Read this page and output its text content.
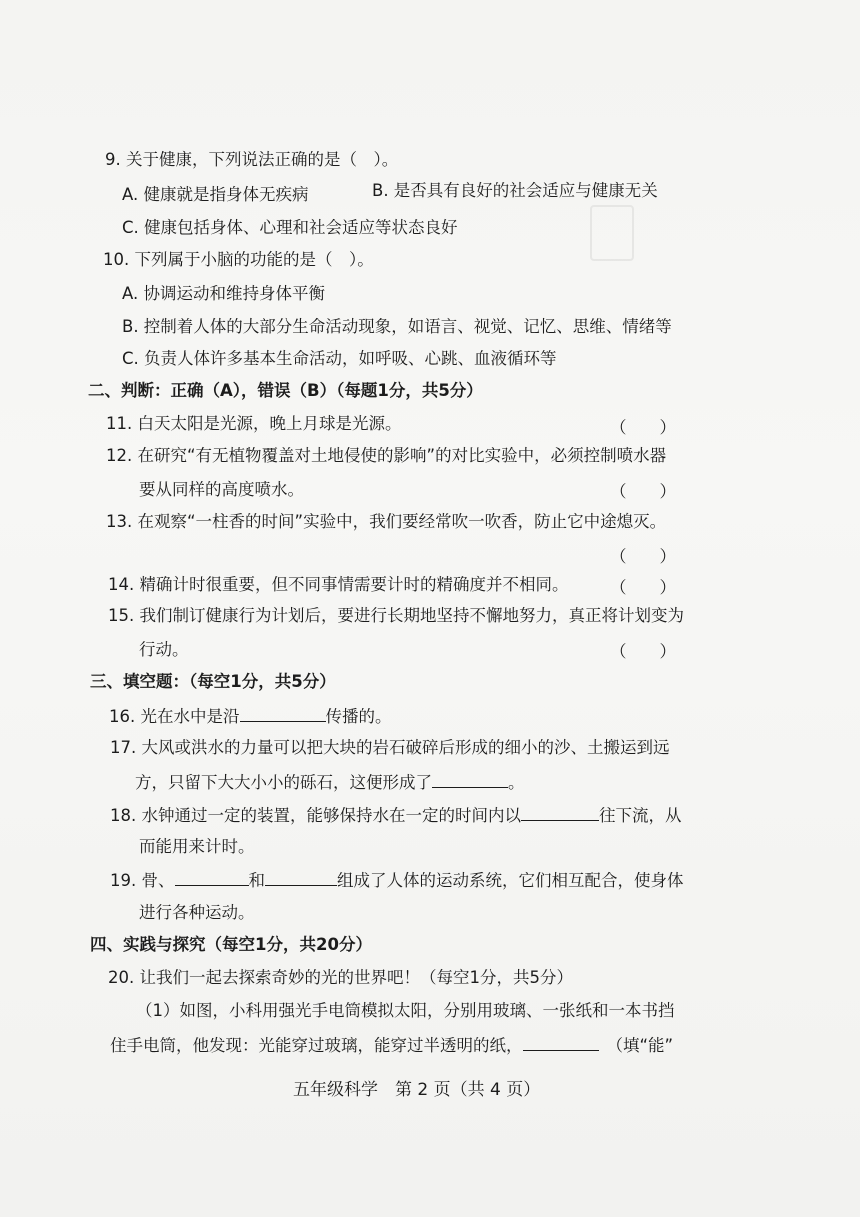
9. 关于健康，下列说法正确的是（　）。
A. 健康就是指身体无疾病	B. 是否具有良好的社会适应与健康无关
C. 健康包括身体、心理和社会适应等状态良好
10. 下列属于小脑的功能的是（　）。
A. 协调运动和维持身体平衡
B. 控制着人体的大部分生命活动现象，如语言、视觉、记忆、思维、情绪等
C. 负责人体许多基本生命活动，如呼吸、心跳、血液循环等
二、判断：正确（A），错误（B）（每题1分，共5分）
11. 白天太阳是光源，晚上月球是光源。	（　　）
12. 在研究“有无植物覆盖对土地侵使的影响”的对比实验中，必须控制喷水器
要从同样的高度喷水。	（　　）
13. 在观察“一柱香的时间”实验中，我们要经常吹一吹香，防止它中途熄灭。
（　　）
14. 精确计时很重要，但不同事情需要计时的精确度并不相同。	（　　）
15. 我们制订健康行为计划后，要进行长期地坚持不懈地努力，真正将计划变为
行动。	（　　）
三、填空题：（每空1分，共5分）
16. 光在水中是沿	传播的。
17. 大风或洪水的力量可以把大块的岩石破碎后形成的细小的沙、土搬运到远
方，只留下大大小小的砾石，这便形成了	。
18. 水钟通过一定的装置，能够保持水在一定的时间内以	往下流，从
而能用来计时。
19. 骨、	和	组成了人体的运动系统，它们相互配合，使身体
进行各种运动。
四、实践与探究（每空1分，共20分）
20. 让我们一起去探索奇妙的光的世界吧！（每空1分，共5分）
（1）如图，小科用强光手电筒模拟太阳，分别用玻璃、一张纸和一本书挡
住手电筒，他发现：光能穿过玻璃，能穿过半透明的纸，	（填“能”
五年级科学　第 2 页（共 4 页）
